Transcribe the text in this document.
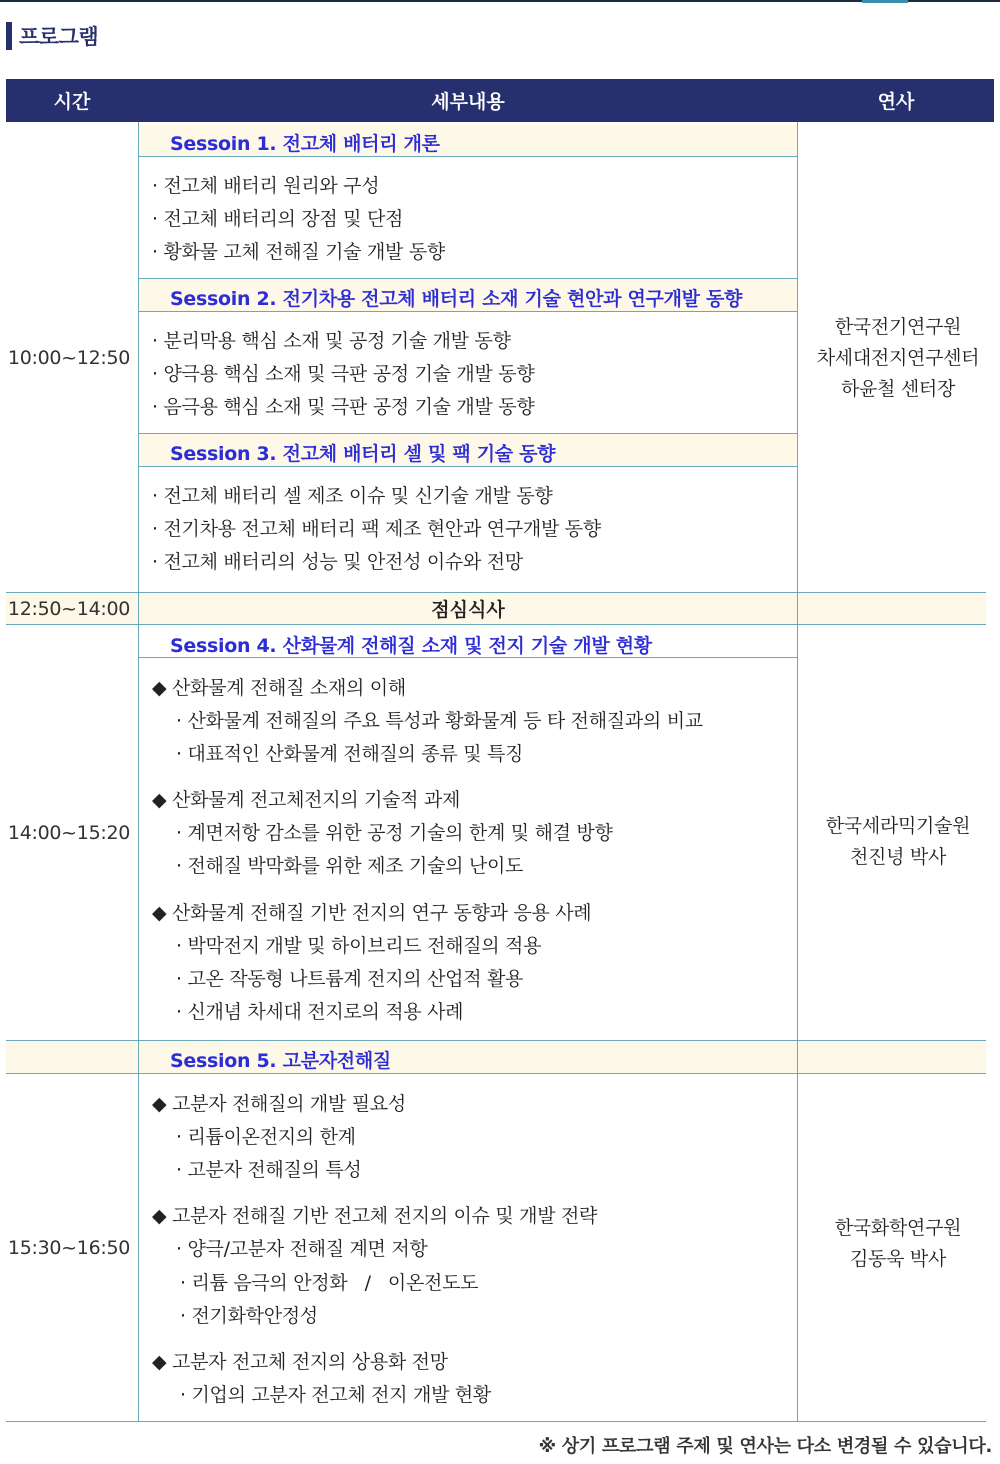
프로그램
시간	세부내용	연사
10:00~12:50
12:50~14:00
14:00~15:20
15:30~16:50
한국전기연구원
차세대전지연구센터
하윤철 센터장
한국세라믹기술원
천진녕 박사
한국화학연구원
김동욱 박사
Sessoin 1. 전고체 배터리 개론
· 전고체 배터리 원리와 구성
· 전고체 배터리의 장점 및 단점
· 황화물 고체 전해질 기술 개발 동향
Sessoin 2. 전기차용 전고체 배터리 소재 기술 현안과 연구개발 동향
· 분리막용 핵심 소재 및 공정 기술 개발 동향
· 양극용 핵심 소재 및 극판 공정 기술 개발 동향
· 음극용 핵심 소재 및 극판 공정 기술 개발 동향
Session 3. 전고체 배터리 셀 및 팩 기술 동향
· 전고체 배터리 셀 제조 이슈 및 신기술 개발 동향
· 전기차용 전고체 배터리 팩 제조 현안과 연구개발 동향
· 전고체 배터리의 성능 및 안전성 이슈와 전망
점심식사
Session 4. 산화물계 전해질 소재 및 전지 기술 개발 현황
◆ 산화물계 전해질 소재의 이해
· 산화물계 전해질의 주요 특성과 황화물계 등 타 전해질과의 비교
· 대표적인 산화물계 전해질의 종류 및 특징
◆ 산화물계 전고체전지의 기술적 과제
· 계면저항 감소를 위한 공정 기술의 한계 및 해결 방향
· 전해질 박막화를 위한 제조 기술의 난이도
◆ 산화물계 전해질 기반 전지의 연구 동향과 응용 사례
· 박막전지 개발 및 하이브리드 전해질의 적용
· 고온 작동형 나트륨계 전지의 산업적 활용
· 신개념 차세대 전지로의 적용 사례
Session 5. 고분자전해질
◆ 고분자 전해질의 개발 필요성
· 리튬이온전지의 한계
· 고분자 전해질의 특성
◆ 고분자 전해질 기반 전고체 전지의 이슈 및 개발 전략
· 양극/고분자 전해질 계면 저항
· 리튬 음극의 안정화   /   이온전도도
· 전기화학안정성
◆ 고분자 전고체 전지의 상용화 전망
· 기업의 고분자 전고체 전지 개발 현황
※ 상기 프로그램 주제 및 연사는 다소 변경될 수 있습니다.
